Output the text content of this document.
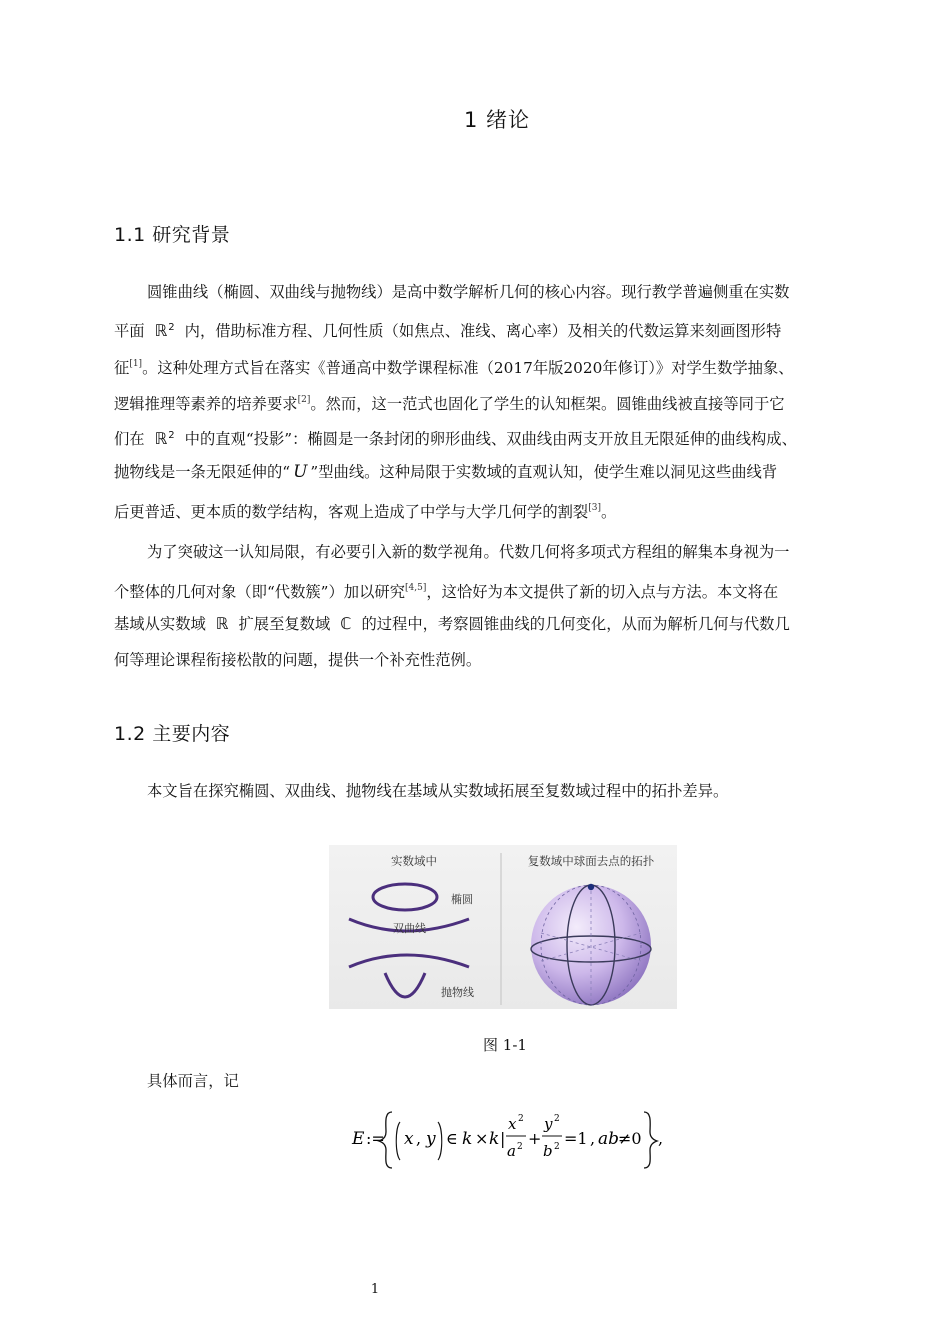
1 绪论
1.1 研究背景
圆锥曲线（椭圆、双曲线与抛物线）是高中数学解析几何的核心内容。现行教学普遍侧重在实数
平面 ℝ$^2$ 内，借助标准方程、几何性质（如焦点、准线、离心率）及相关的代数运算来刻画图形特
征[1]。这种处理方式旨在落实《普通高中数学课程标准（2017年版2020年修订）》对学生数学抽象、
逻辑推理等素养的培养要求[2]。然而，这一范式也固化了学生的认知框架。圆锥曲线被直接等同于它
们在 ℝ$^2$ 中的直观“投影”：椭圆是一条封闭的卵形曲线、双曲线由两支开放且无限延伸的曲线构成、
抛物线是一条无限延伸的“ U ”型曲线。这种局限于实数域的直观认知，使学生难以洞见这些曲线背
后更普适、更本质的数学结构，客观上造成了中学与大学几何学的割裂[3]。
为了突破这一认知局限，有必要引入新的数学视角。代数几何将多项式方程组的解集本身视为一
个整体的几何对象（即“代数簇”）加以研究[4,5]，这恰好为本文提供了新的切入点与方法。本文将在
基域从实数域 ℝ 扩展至复数域 ℂ 的过程中，考察圆锥曲线的几何变化，从而为解析几何与代数几
何等理论课程衔接松散的问题，提供一个补充性范例。
1.2 主要内容
本文旨在探究椭圆、双曲线、抛物线在基域从实数域拓展至复数域过程中的拓扑差异。
实数域中	复数域中球面去点的拓扑
椭圆
双曲线
抛物线
图 1-1
具体而言，记
E := x , y ∈ k × k |
x 2
a 2 +
y 2
b 2 =1 , ab
≠0 ,
1
